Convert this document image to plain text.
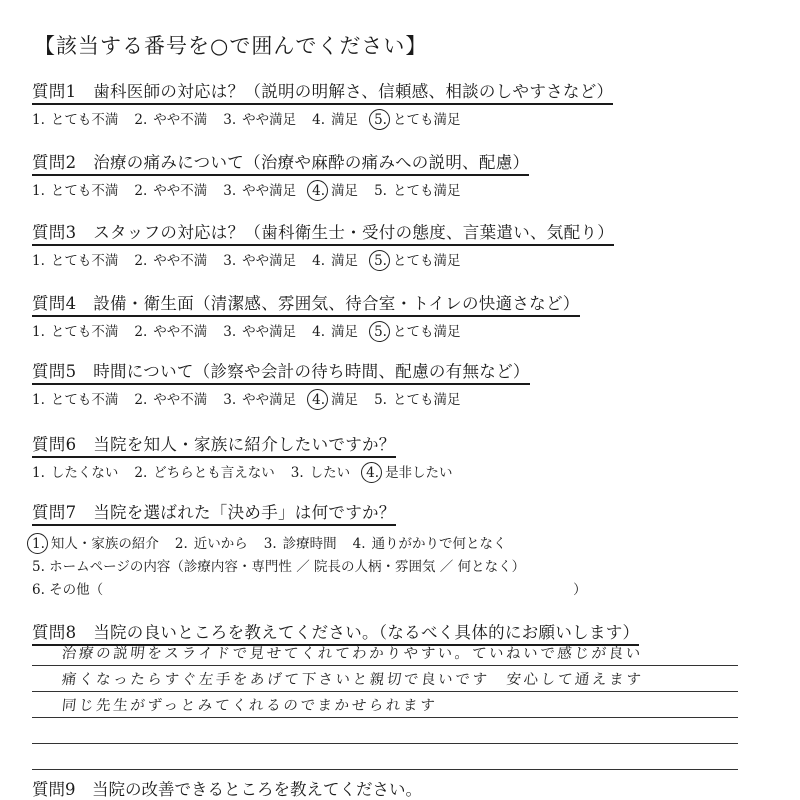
【該当する番号を○で囲んでください】
質問1　歯科医師の対応は？（説明の明解さ、信頼感、相談のしやすさなど）
1. とても不満 2. やや不満 3. やや満足 4. 満足 5. とても満足
質問2　治療の痛みについて（治療や麻酔の痛みへの説明、配慮）
1. とても不満 2. やや不満 3. やや満足 4. 満足 5. とても満足
質問3　スタッフの対応は？（歯科衛生士・受付の態度、言葉遣い、気配り）
1. とても不満 2. やや不満 3. やや満足 4. 満足 5. とても満足
質問4　設備・衛生面（清潔感、雰囲気、待合室・トイレの快適さなど）
1. とても不満 2. やや不満 3. やや満足 4. 満足 5. とても満足
質問5　時間について（診察や会計の待ち時間、配慮の有無など）
1. とても不満 2. やや不満 3. やや満足 4. 満足 5. とても満足
質問6　当院を知人・家族に紹介したいですか？
1. したくない 2. どちらとも言えない 3. したい 4. 是非したい
質問7　当院を選ばれた「決め手」は何ですか？
1. 知人・家族の紹介 2. 近いから 3. 診療時間 4. 通りがかりで何となく
5. ホームページの内容（診療内容・専門性 ／ 院長の人柄・雰囲気 ／ 何となく）
6. その他（	）
質問8　当院の良いところを教えてください。（なるべく具体的にお願いします）
治療の説明をスライドで見せてくれてわかりやすい。ていねいで感じが良い
痛くなったらすぐ左手をあげて下さいと親切で良いです　安心して通えます
同じ先生がずっとみてくれるのでまかせられます
質問9　当院の改善できるところを教えてください。
